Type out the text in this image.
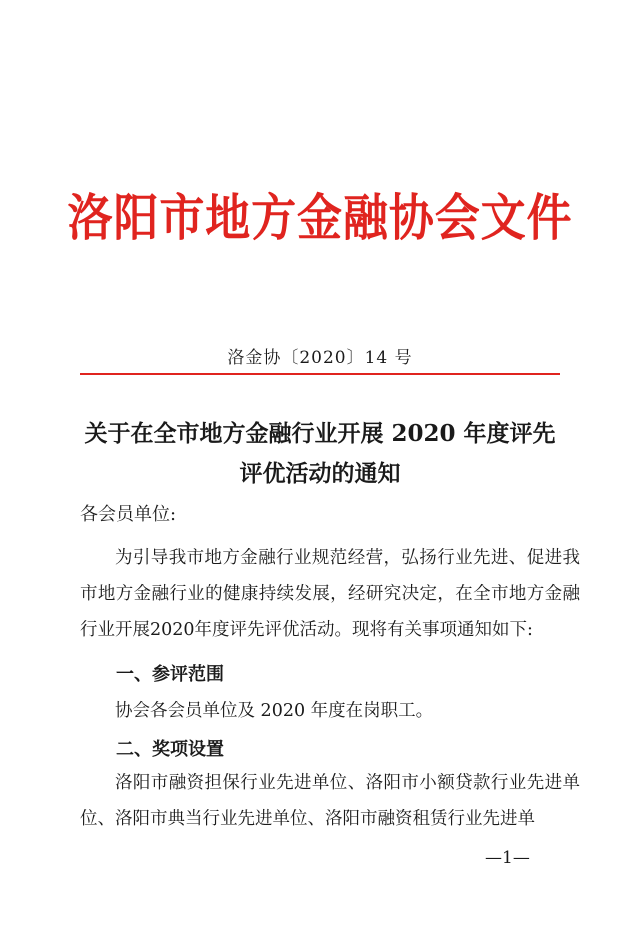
洛阳市地方金融协会文件
洛金协〔2020〕14 号
关于在全市地方金融行业开展 2020 年度评先
评优活动的通知
各会员单位:

为引导我市地方金融行业规范经营，弘扬行业先进、促进我市地方金融行业的健康持续发展，经研究决定，在全市地方金融行业开展2020年度评先评优活动。现将有关事项通知如下:

一、参评范围
协会各会员单位及 2020 年度在岗职工。
二、奖项设置
洛阳市融资担保行业先进单位、洛阳市小额贷款行业先进单位、洛阳市典当行业先进单位、洛阳市融资租赁行业先进单
—1—
